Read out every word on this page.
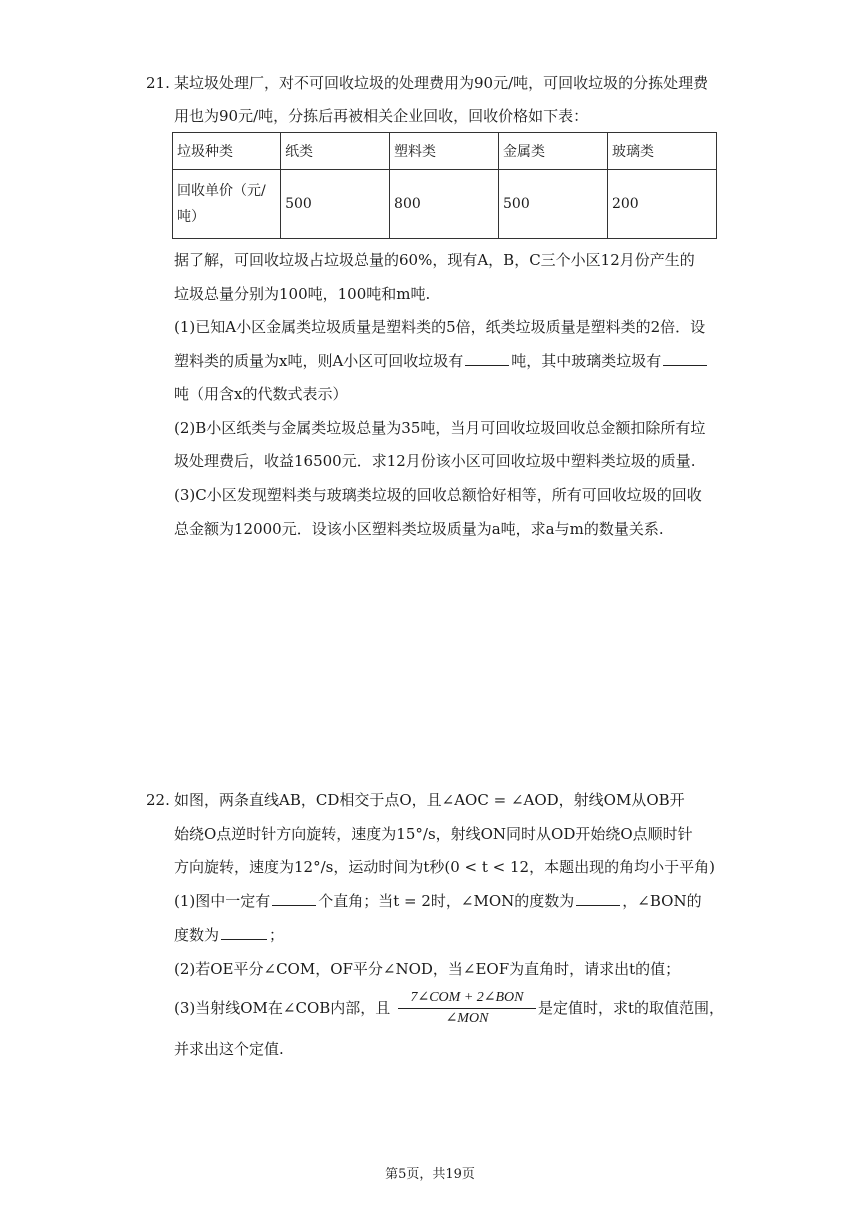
21. 某垃圾处理厂，对不可回收垃圾的处理费用为90元/吨，可回收垃圾的分拣处理费
用也为90元/吨，分拣后再被相关企业回收，回收价格如下表：
垃圾种类	纸类	塑料类	金属类	玻璃类
回收单价（元/
吨）	500	800	500	200
据了解，可回收垃圾占垃圾总量的60%，现有A，B，C三个小区12月份产生的
垃圾总量分别为100吨，100吨和m吨.
(1)已知A小区金属类垃圾质量是塑料类的5倍，纸类垃圾质量是塑料类的2倍．设
塑料类的质量为x吨，则A小区可回收垃圾有	吨，其中玻璃类垃圾有
吨（用含x的代数式表示）
(2)B小区纸类与金属类垃圾总量为35吨，当月可回收垃圾回收总金额扣除所有垃
圾处理费后，收益16500元．求12月份该小区可回收垃圾中塑料类垃圾的质量.
(3)C小区发现塑料类与玻璃类垃圾的回收总额恰好相等，所有可回收垃圾的回收
总金额为12000元．设该小区塑料类垃圾质量为a吨，求a与m的数量关系.
22. 如图，两条直线AB，CD相交于点O，且∠AOC = ∠AOD，射线OM从OB开
始绕O点逆时针方向旋转，速度为15°/s，射线ON同时从OD开始绕O点顺时针
方向旋转，速度为12°/s，运动时间为t秒(0 < t < 12，本题出现的角均小于平角)
(1)图中一定有	个直角；当t = 2时，∠MON的度数为	，∠BON的
度数为	；
(2)若OE平分∠COM，OF平分∠NOD，当∠EOF为直角时，请求出t的值；
(3)当射线OM在∠COB内部，且
7∠COM + 2∠BON
∠MON
是定值时，求t的取值范围，
并求出这个定值.
第5页，共19页
